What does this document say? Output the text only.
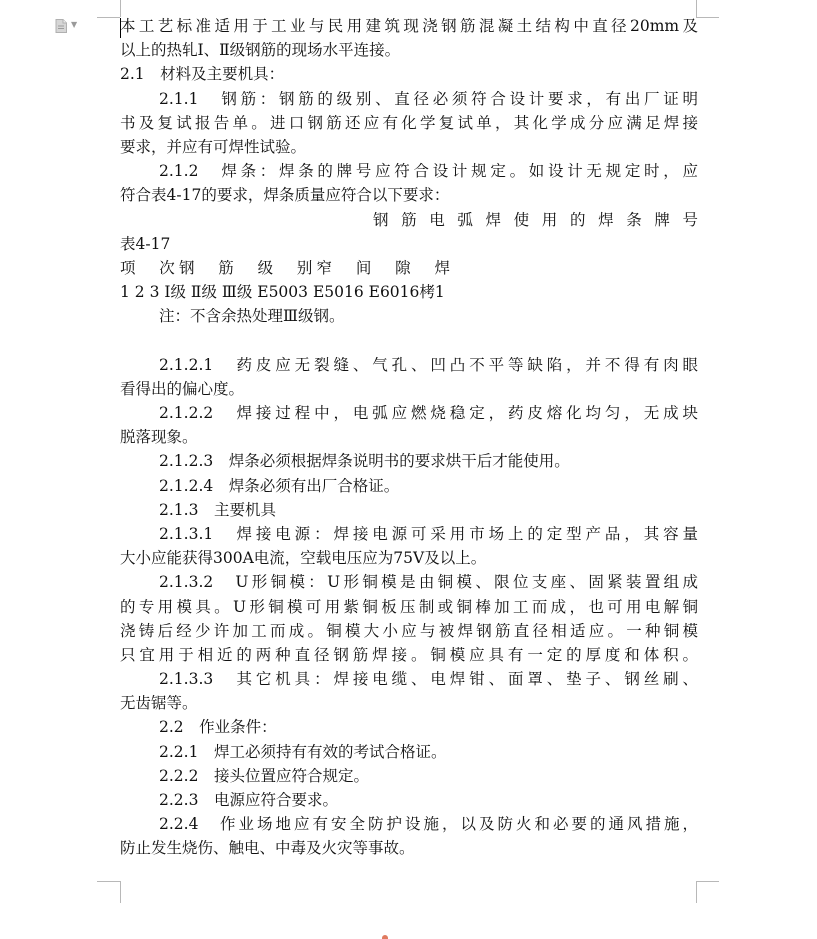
▼	本工艺标准适用于工业与民用建筑现浇钢筋混凝土结构中直径20mm及
以上的热轧Ⅰ、Ⅱ级钢筋的现场水平连接。
2.1　材料及主要机具：
2.1.1　钢筋：钢筋的级别、直径必须符合设计要求，有出厂证明
书及复试报告单。进口钢筋还应有化学复试单，其化学成分应满足焊接
要求，并应有可焊性试验。
2.1.2　焊条：焊条的牌号应符合设计规定。如设计无规定时，应
符合表4-17的要求，焊条质量应符合以下要求：
钢筋电弧焊使用的焊条牌号
表4-17
项　次钢　筋　级　别窄　间　隙　焊
1 2 3 Ⅰ级 Ⅱ级 Ⅲ级 E5003 E5016 E6016栲1
注：不含余热处理Ⅲ级钢。
2.1.2.1　药皮应无裂缝、气孔、凹凸不平等缺陷，并不得有肉眼
看得出的偏心度。
2.1.2.2　焊接过程中，电弧应燃烧稳定，药皮熔化均匀，无成块
脱落现象。
2.1.2.3　焊条必须根据焊条说明书的要求烘干后才能使用。
2.1.2.4　焊条必须有出厂合格证。
2.1.3　主要机具
2.1.3.1　焊接电源：焊接电源可采用市场上的定型产品，其容量
大小应能获得300A电流，空载电压应为75V及以上。
2.1.3.2　U形铜模：U形铜模是由铜模、限位支座、固紧装置组成
的专用模具。U形铜模可用紫铜板压制或铜棒加工而成，也可用电解铜
浇铸后经少许加工而成。铜模大小应与被焊钢筋直径相适应。一种铜模
只宜用于相近的两种直径钢筋焊接。铜模应具有一定的厚度和体积。
2.1.3.3　其它机具：焊接电缆、电焊钳、面罩、垫子、钢丝刷、
无齿锯等。
2.2　作业条件：
2.2.1　焊工必须持有有效的考试合格证。
2.2.2　接头位置应符合规定。
2.2.3　电源应符合要求。
2.2.4　作业场地应有安全防护设施，以及防火和必要的通风措施，
防止发生烧伤、触电、中毒及火灾等事故。
